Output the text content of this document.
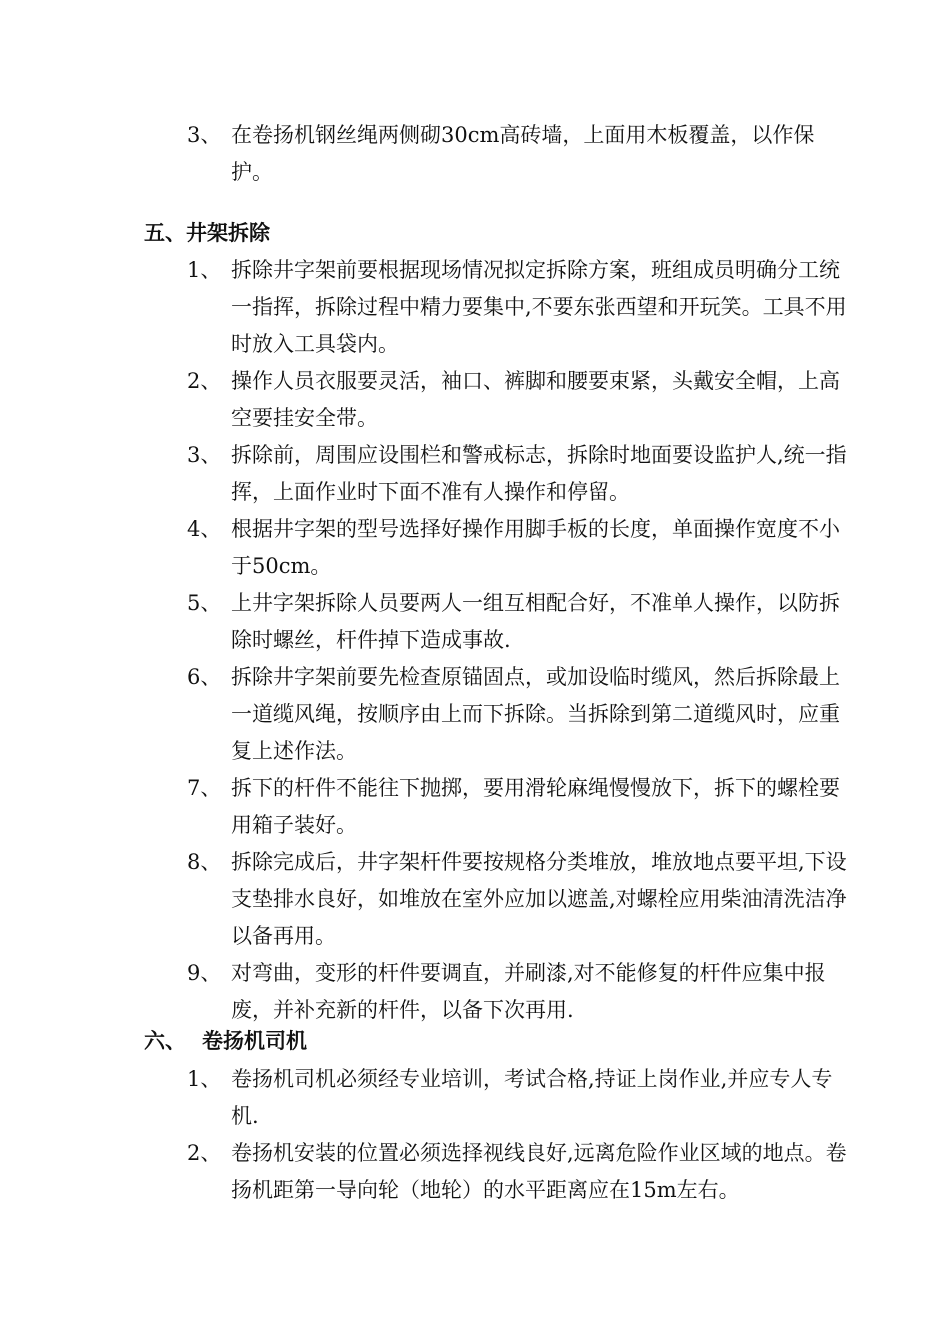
3、 在卷扬机钢丝绳两侧砌30cm高砖墙，上面用木板覆盖，以作保护。
五、井架拆除
1、 拆除井字架前要根据现场情况拟定拆除方案，班组成员明确分工统一指挥，拆除过程中精力要集中,不要东张西望和开玩笑。工具不用时放入工具袋内。
2、 操作人员衣服要灵活，袖口、裤脚和腰要束紧，头戴安全帽，上高空要挂安全带。
3、 拆除前，周围应设围栏和警戒标志，拆除时地面要设监护人,统一指挥，上面作业时下面不准有人操作和停留。
4、 根据井字架的型号选择好操作用脚手板的长度，单面操作宽度不小于50cm。
5、 上井字架拆除人员要两人一组互相配合好，不准单人操作，以防拆除时螺丝，杆件掉下造成事故.
6、 拆除井字架前要先检查原锚固点，或加设临时缆风，然后拆除最上一道缆风绳，按顺序由上而下拆除。当拆除到第二道缆风时，应重复上述作法。
7、 拆下的杆件不能往下抛掷，要用滑轮麻绳慢慢放下，拆下的螺栓要用箱子装好。
8、 拆除完成后，井字架杆件要按规格分类堆放，堆放地点要平坦,下设支垫排水良好，如堆放在室外应加以遮盖,对螺栓应用柴油清洗洁净以备再用。
9、 对弯曲，变形的杆件要调直，并刷漆,对不能修复的杆件应集中报废，并补充新的杆件，以备下次再用.
六、 卷扬机司机
1、 卷扬机司机必须经专业培训，考试合格,持证上岗作业,并应专人专机.
2、 卷扬机安装的位置必须选择视线良好,远离危险作业区域的地点。卷扬机距第一导向轮（地轮）的水平距离应在15m左右。
